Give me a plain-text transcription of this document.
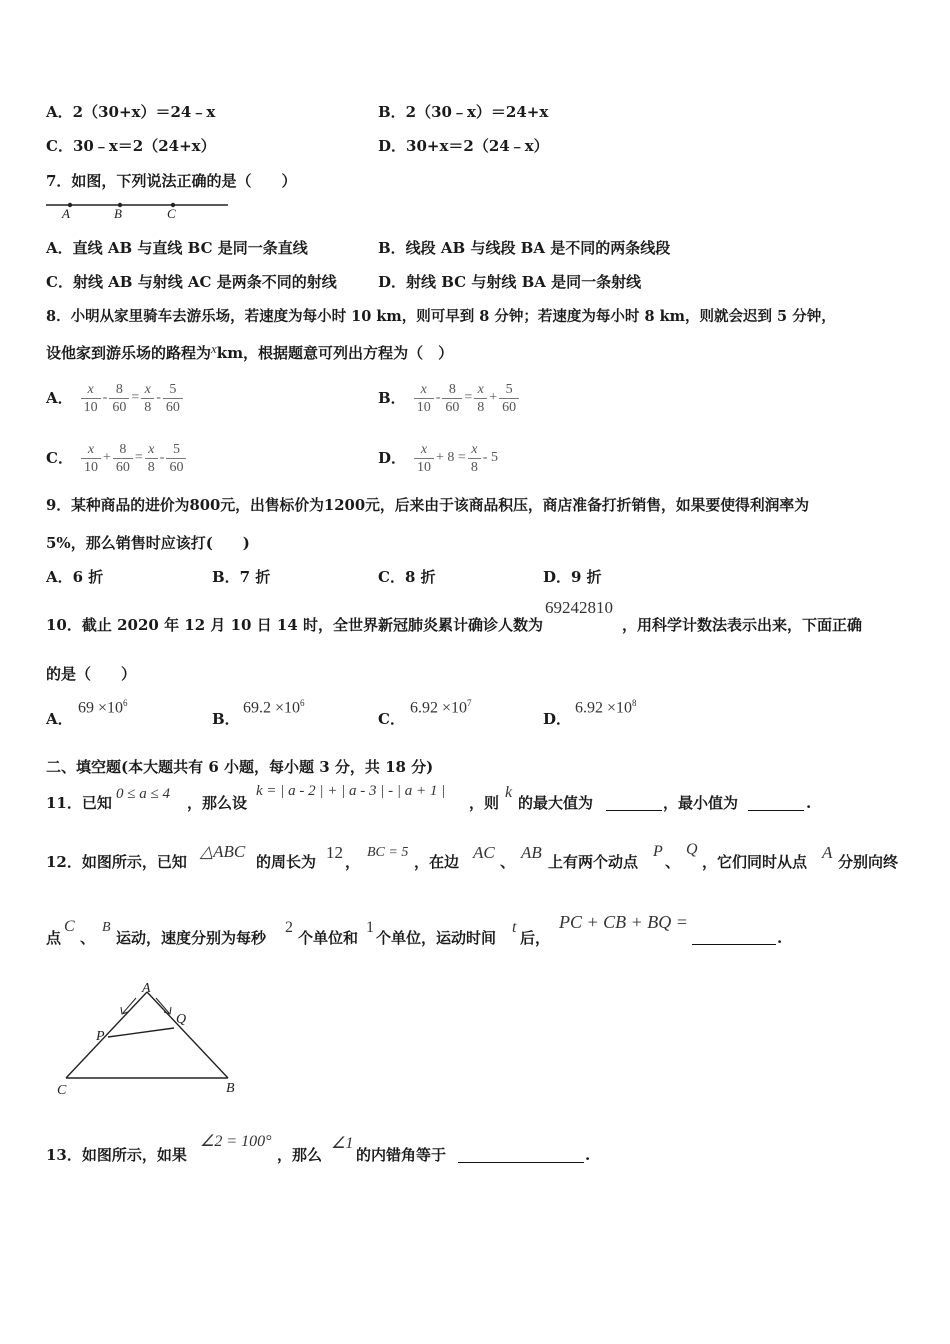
A．2（30+x）＝24﹣x	B．2（30﹣x）＝24+x
C．30﹣x＝2（24+x）	D．30+x＝2（24﹣x）
7．如图，下列说法正确的是（　　）
A	B	C
A．直线 AB 与直线 BC 是同一条直线	B．线段 AB 与线段 BA 是不同的两条线段
C．射线 AB 与射线 AC 是两条不同的射线	D．射线 BC 与射线 BA 是同一条射线
8．小明从家里骑车去游乐场，若速度为每小时 10 km，则可早到 8 分钟；若速度为每小时 8 km，则就会迟到 5 分钟，
设他家到游乐场的路程为xkm，根据题意可列出方程为（　）
A． $\frac{x}{10} - \frac{8}{60} = \frac{x}{8} - \frac{5}{60}$	B． $\frac{x}{10} - \frac{8}{60} = \frac{x}{8} + \frac{5}{60}$
C． $\frac{x}{10} + \frac{8}{60} = \frac{x}{8} - \frac{5}{60}$	D． $\frac{x}{10} + 8 = \frac{x}{8} - 5$
9．某种商品的进价为800元，出售标价为1200元，后来由于该商品积压，商店准备打折销售，如果要使得利润率为
5%，那么销售时应该打(　　)
A．6 折	B．7 折	C．8 折	D．9 折
10．截止 2020 年 12 月 10 日 14 时，全世界新冠肺炎累计确诊人数为
69242810
，用科学计数法表示出来，下面正确
的是（　　）
A．
$69 \times 10^6$
B．
$69.2 \times 10^6$
C．
$6.92 \times 10^7$
D．
$6.92 \times 10^8$
二、填空题(本大题共有 6 小题，每小题 3 分，共 18 分)
11．已知 0 ≤ a ≤ 4 ，那么设
k = | a - 2 | + | a - 3 | - | a + 1 |
，则
k
的最大值为	，最小值为	.
12．如图所示，已知
△ABC
的周长为 12 ，
BC = 5
，在边 AC 、 AB 上有两个动点
P
、
Q
，它们同时从点 A 分别向终
点
C
、
B
运动，速度分别为每秒
2
个单位和
1
个单位，运动时间
t
后，
PC + CB + BQ =
.
A
P
Q
C	B
13．如图所示，如果
∠2 = 100°
，那么
∠1
的内错角等于	.
